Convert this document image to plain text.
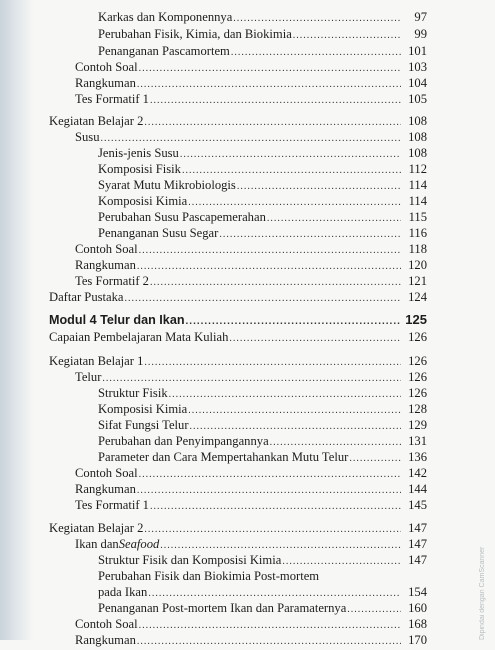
Dipindai dengan CamScanner
Karkas dan Komponennya .....	97
Perubahan Fisik, Kimia, dan Biokimia .....	99
Penanganan Pascamortem .....	101
Contoh Soal .....	103
Rangkuman .....	104
Tes Formatif 1 .....	105
Kegiatan Belajar 2 .....	108
Susu .....	108
Jenis-jenis Susu .....	108
Komposisi Fisik .....	112
Syarat Mutu Mikrobiologis .....	114
Komposisi Kimia .....	114
Perubahan Susu Pascapemerahan .....	115
Penanganan Susu Segar .....	116
Contoh Soal .....	118
Rangkuman .....	120
Tes Formatif 2 .....	121
Daftar Pustaka .....	124
Modul 4 Telur dan Ikan .....	125
Capaian Pembelajaran Mata Kuliah .....	126
Kegiatan Belajar 1 .....	126
Telur .....	126
Struktur Fisik .....	126
Komposisi Kimia .....	128
Sifat Fungsi Telur .....	129
Perubahan dan Penyimpangannya .....	131
Parameter dan Cara Mempertahankan Mutu Telur .....	136
Contoh Soal .....	142
Rangkuman .....	144
Tes Formatif 1 .....	145
Kegiatan Belajar 2 .....	147
Ikan dan Seafood .....	147
Struktur Fisik dan Komposisi Kimia .....	147
Perubahan Fisik dan Biokimia Post-mortem
pada Ikan .....	154
Penanganan Post-mortem Ikan dan Paramaternya .....	160
Contoh Soal .....	168
Rangkuman .....	170
